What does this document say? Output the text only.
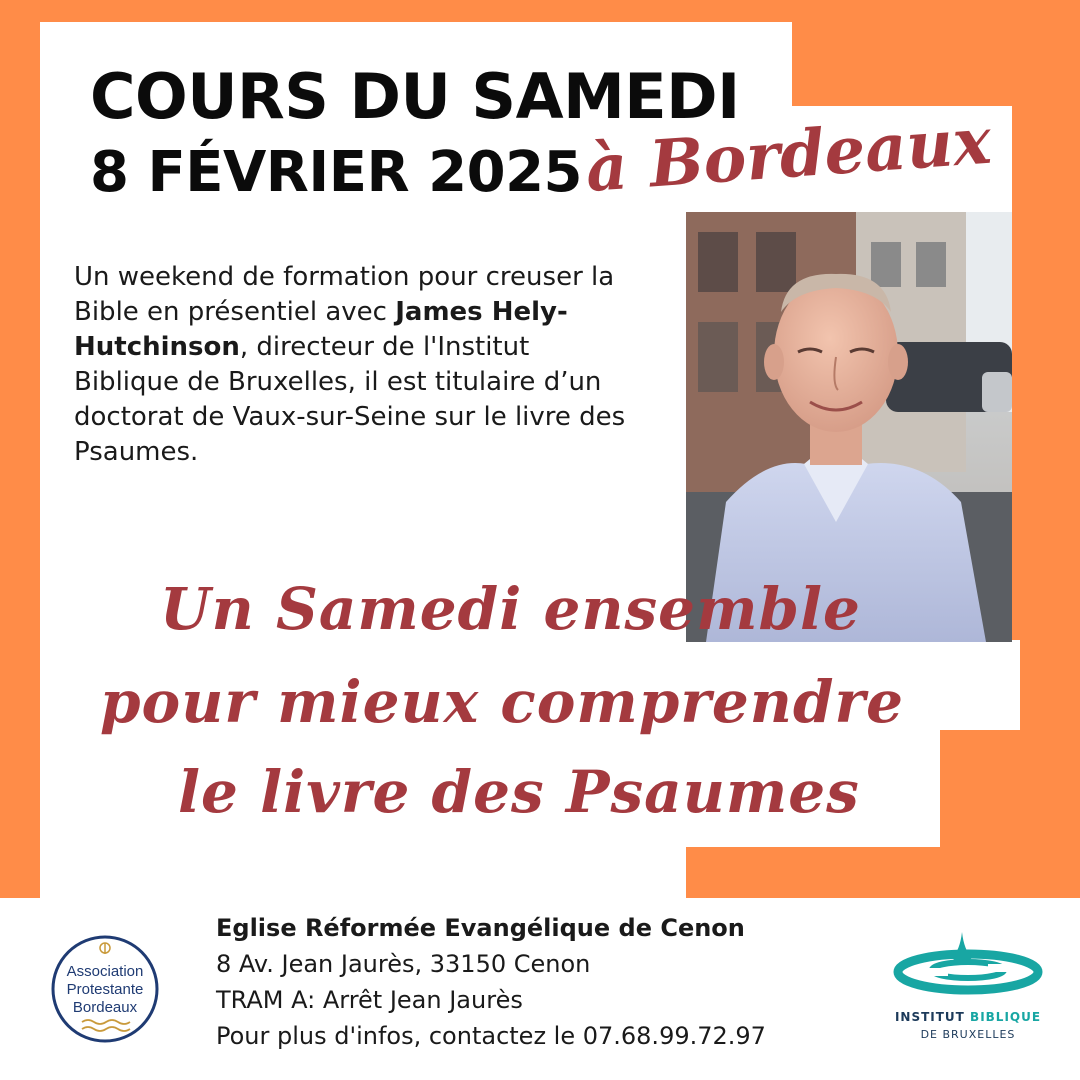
COURS DU SAMEDI
8 FÉVRIER 2025 à Bordeaux

Un weekend de formation pour creuser la Bible en présentiel avec James Hely-Hutchinson, directeur de l'Institut Biblique de Bruxelles, il est titulaire d’un doctorat de Vaux-sur-Seine sur le livre des Psaumes.

Un Samedi ensemble
pour mieux comprendre
le livre des Psaumes
Association
Protestante
Bordeaux
Eglise Réformée Evangélique de Cenon
8 Av. Jean Jaurès, 33150 Cenon
TRAM A: Arrêt Jean Jaurès
Pour plus d'infos, contactez le 07.68.99.72.97
INSTITUT BIBLIQUE
DE BRUXELLES
